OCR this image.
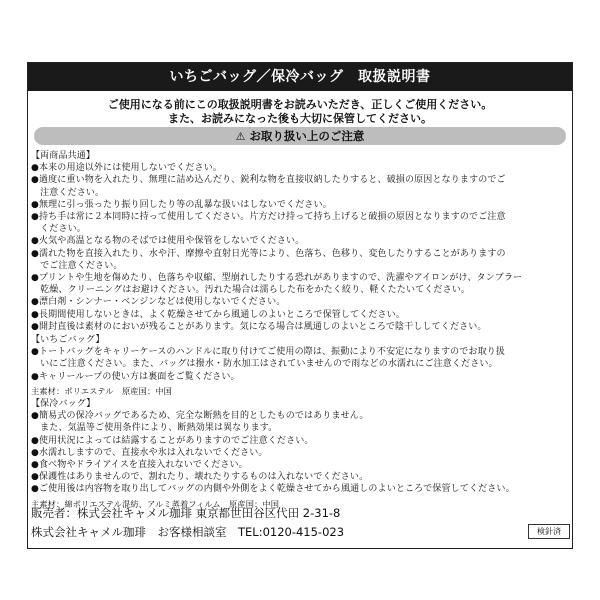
いちごバッグ／保冷バッグ　取扱説明書
ご使用になる前にこの取扱説明書をお読みいただき、正しくご使用ください。
また、お読みになった後も大切に保管してください。
⚠ お取り扱い上のご注意
【両商品共通】
●本来の用途以外には使用しないでください。
●過度に重い物を入れたり、無理に詰め込んだり、鋭利な物を直接収納したりすると、破損の原因となりますのでご
　注意ください。
●無理に引っ張ったり振り回したり等の乱暴な扱いはしないでください。
●持ち手は常に２本同時に持って使用してください。片方だけ持って持ち上げると破損の原因となりますのでご注意
　ください。
●火気や高温となる物のそばでは使用や保管をしないでください。
●濡れた物を直接入れたり、水や汗、摩擦や直射日光等により、色落ち、色移り、変色したりすることがありますの
　でご注意ください。
●プリントや生地を傷めたり、色落ちや収縮、型崩れしたりする恐れがありますので、洗濯やアイロンがけ、タンブラー
　乾燥、クリーニングはお避けください。汚れた場合は濡らした布をかたく絞り、軽くたたいてください。
●漂白剤・シンナー・ベンジンなどは使用しないでください。
●長期間使用しないときは、よく乾燥させてから風通しのよいところで保管してください。
●開封直後は素材のにおいが残ることがあります。気になる場合は風通しのよいところで陰干ししてください。
【いちごバッグ】
●トートバッグをキャリーケースのハンドルに取り付けてご使用の際は、振動により不安定になりますのでお取り扱
　いにご注意ください。また、バッグは撥水・防水加工はされていませんので雨などの水濡れにご注意ください。
●キャリーループの使い方は裏面をご覧ください。
主素材：ポリエステル　原産国：中国
【保冷バッグ】
●簡易式の保冷バッグであるため、完全な断熱を目的としたものではありません。
　また、気温等ご使用条件により、断熱効果は異なります。
●使用状況によっては結露することがありますのでご注意ください。
●水濡れしますので、直接水や氷は入れないでください。
●食べ物やドライアイスを直接入れないでください。
●保護性はありませんので、割れたり、壊れたりするものは入れないでください。
●ご使用後は内容物を取り出してバッグの内側や外側をよく乾燥させてから風通しのよいところで保管してください。
主素材：綿ポリエステル混紡、アルミ蒸着フィルム　原産国：中国
販売者：株式会社キャメル珈琲 東京都世田谷区代田 2-31-8
株式会社キャメル珈琲　お客様相談室　TEL:0120-415-023	検針済
